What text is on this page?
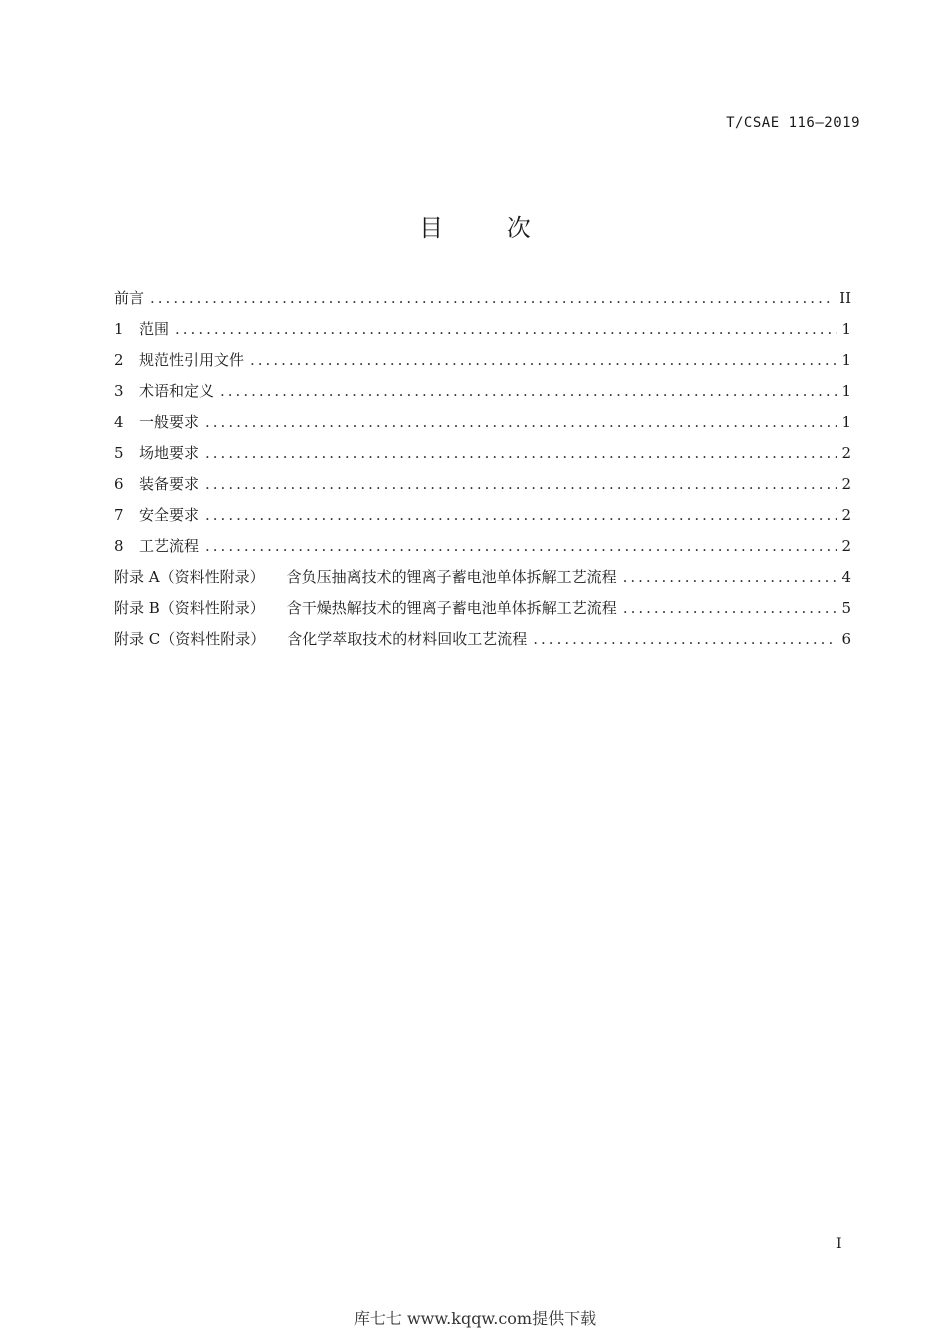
T/CSAE 116—2019
目 次
前言 .....	II
1	范围 .....	1
2	规范性引用文件 .....	1
3	术语和定义 .....	1
4	一般要求 .....	1
5	场地要求 .....	2
6	装备要求 .....	2
7	安全要求 .....	2
8	工艺流程 .....	2
附录 A（资料性附录） 含负压抽离技术的锂离子蓄电池单体拆解工艺流程 .....	4
附录 B（资料性附录） 含干燥热解技术的锂离子蓄电池单体拆解工艺流程 .....	5
附录 C（资料性附录） 含化学萃取技术的材料回收工艺流程 .....	6
I
库七七 www.kqqw.com提供下载
